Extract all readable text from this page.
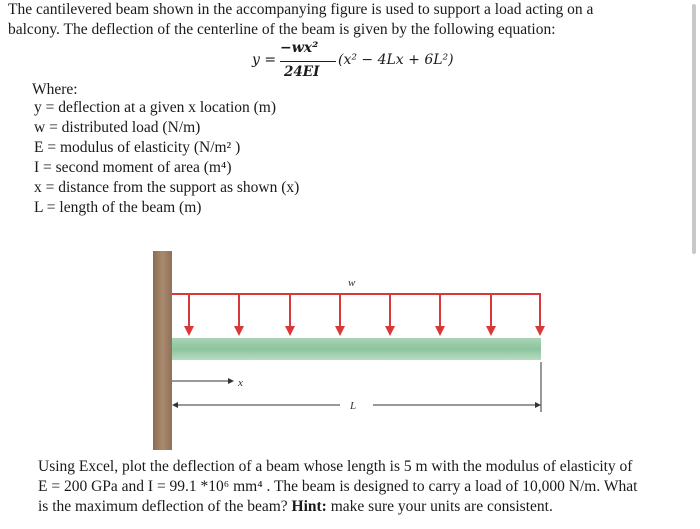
The cantilevered beam shown in the accompanying figure is used to support a load acting on a
balcony. The deflection of the centerline of the beam is given by the following equation:
y =
−wx²
24EI
(x² − 4Lx + 6L²)
Where:
y = deflection at a given x location (m)
w = distributed load (N/m)
E = modulus of elasticity (N/m² )
I = second moment of area (m⁴)
x = distance from the support as shown (x)
L = length of the beam (m)
w
x
L
Using Excel, plot the deflection of a beam whose length is 5 m with the modulus of elasticity of
E = 200 GPa and I = 99.1 *10⁶ mm⁴ . The beam is designed to carry a load of 10,000 N/m. What
is the maximum deflection of the beam? Hint: make sure your units are consistent.
